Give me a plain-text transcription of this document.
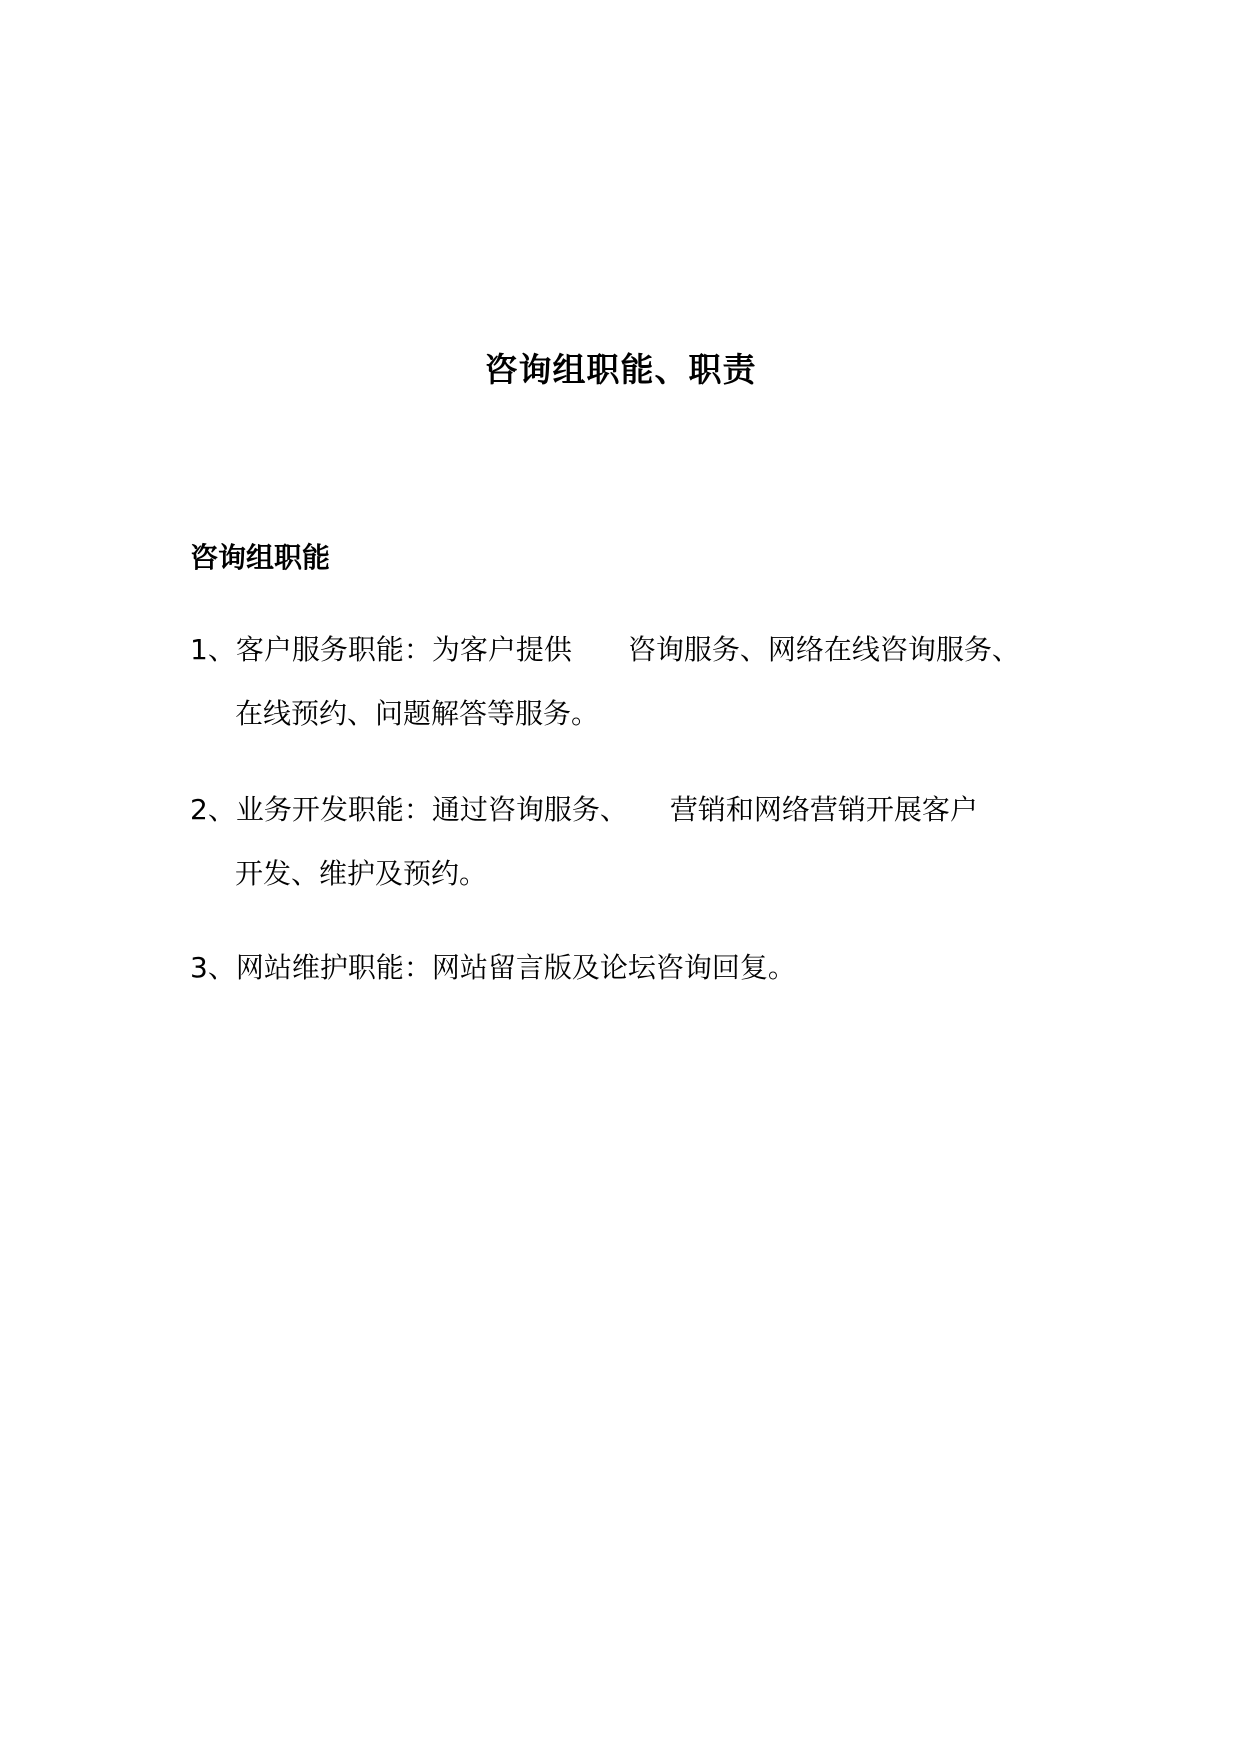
咨询组职能、职责
咨询组职能
1、客户服务职能：为客户提供　　咨询服务、网络在线咨询服务、
在线预约、问题解答等服务。
2、业务开发职能：通过咨询服务、　　营销和网络营销开展客户
开发、维护及预约。
3、网站维护职能：网站留言版及论坛咨询回复。
